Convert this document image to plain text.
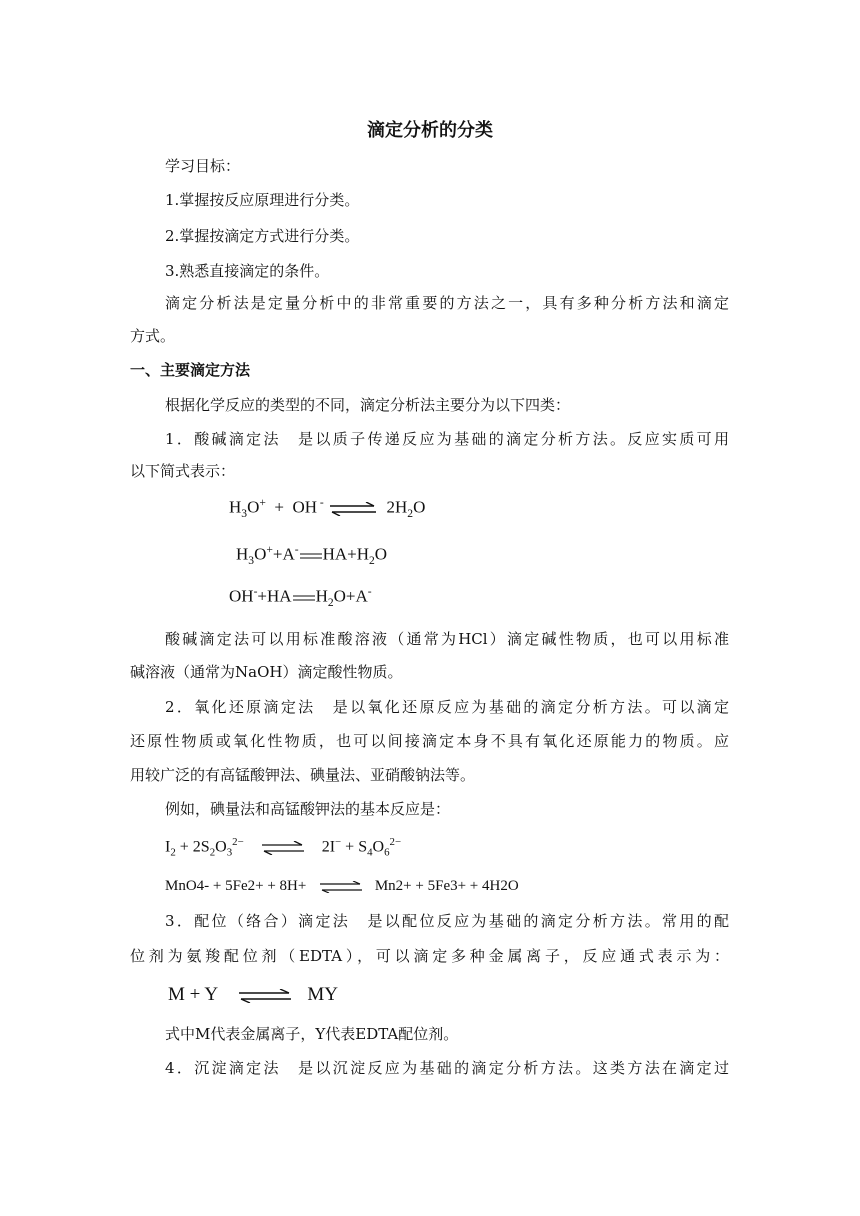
滴定分析的分类
学习目标：
1.掌握按反应原理进行分类。
2.掌握按滴定方式进行分类。
3.熟悉直接滴定的条件。
滴定分析法是定量分析中的非常重要的方法之一，具有多种分析方法和滴定
方式。
一、主要滴定方法
根据化学反应的类型的不同，滴定分析法主要分为以下四类：
1．酸碱滴定法　是以质子传递反应为基础的滴定分析方法。反应实质可用
以下简式表示：
$H_3O^+$  +  OH - ⇌ $2H_2O$
$H_3O^++A^-$ $HA+H_2O$
OH-+HA $H_2O+A^-$
酸碱滴定法可以用标准酸溶液（通常为HCl）滴定碱性物质，也可以用标准
碱溶液（通常为NaOH）滴定酸性物质。
2．氧化还原滴定法　是以氧化还原反应为基础的滴定分析方法。可以滴定
还原性物质或氧化性物质，也可以间接滴定本身不具有氧化还原能力的物质。应
用较广泛的有高锰酸钾法、碘量法、亚硝酸钠法等。
例如，碘量法和高锰酸钾法的基本反应是：
$I_2 + 2S_2O_3^{2-}$ ⇌ $2I^- + S_4O_6^{2-}$
MnO4- + 5Fe2+ + 8H+ ⇌ Mn2+ + 5Fe3+ + 4H2O
3．配位（络合）滴定法　是以配位反应为基础的滴定分析方法。常用的配
位剂为氨羧配位剂（EDTA），可以滴定多种金属离子，反应通式表示为：
M + Y ⇌ MY
式中M代表金属离子，Y代表EDTA配位剂。
4．沉淀滴定法　是以沉淀反应为基础的滴定分析方法。这类方法在滴定过
